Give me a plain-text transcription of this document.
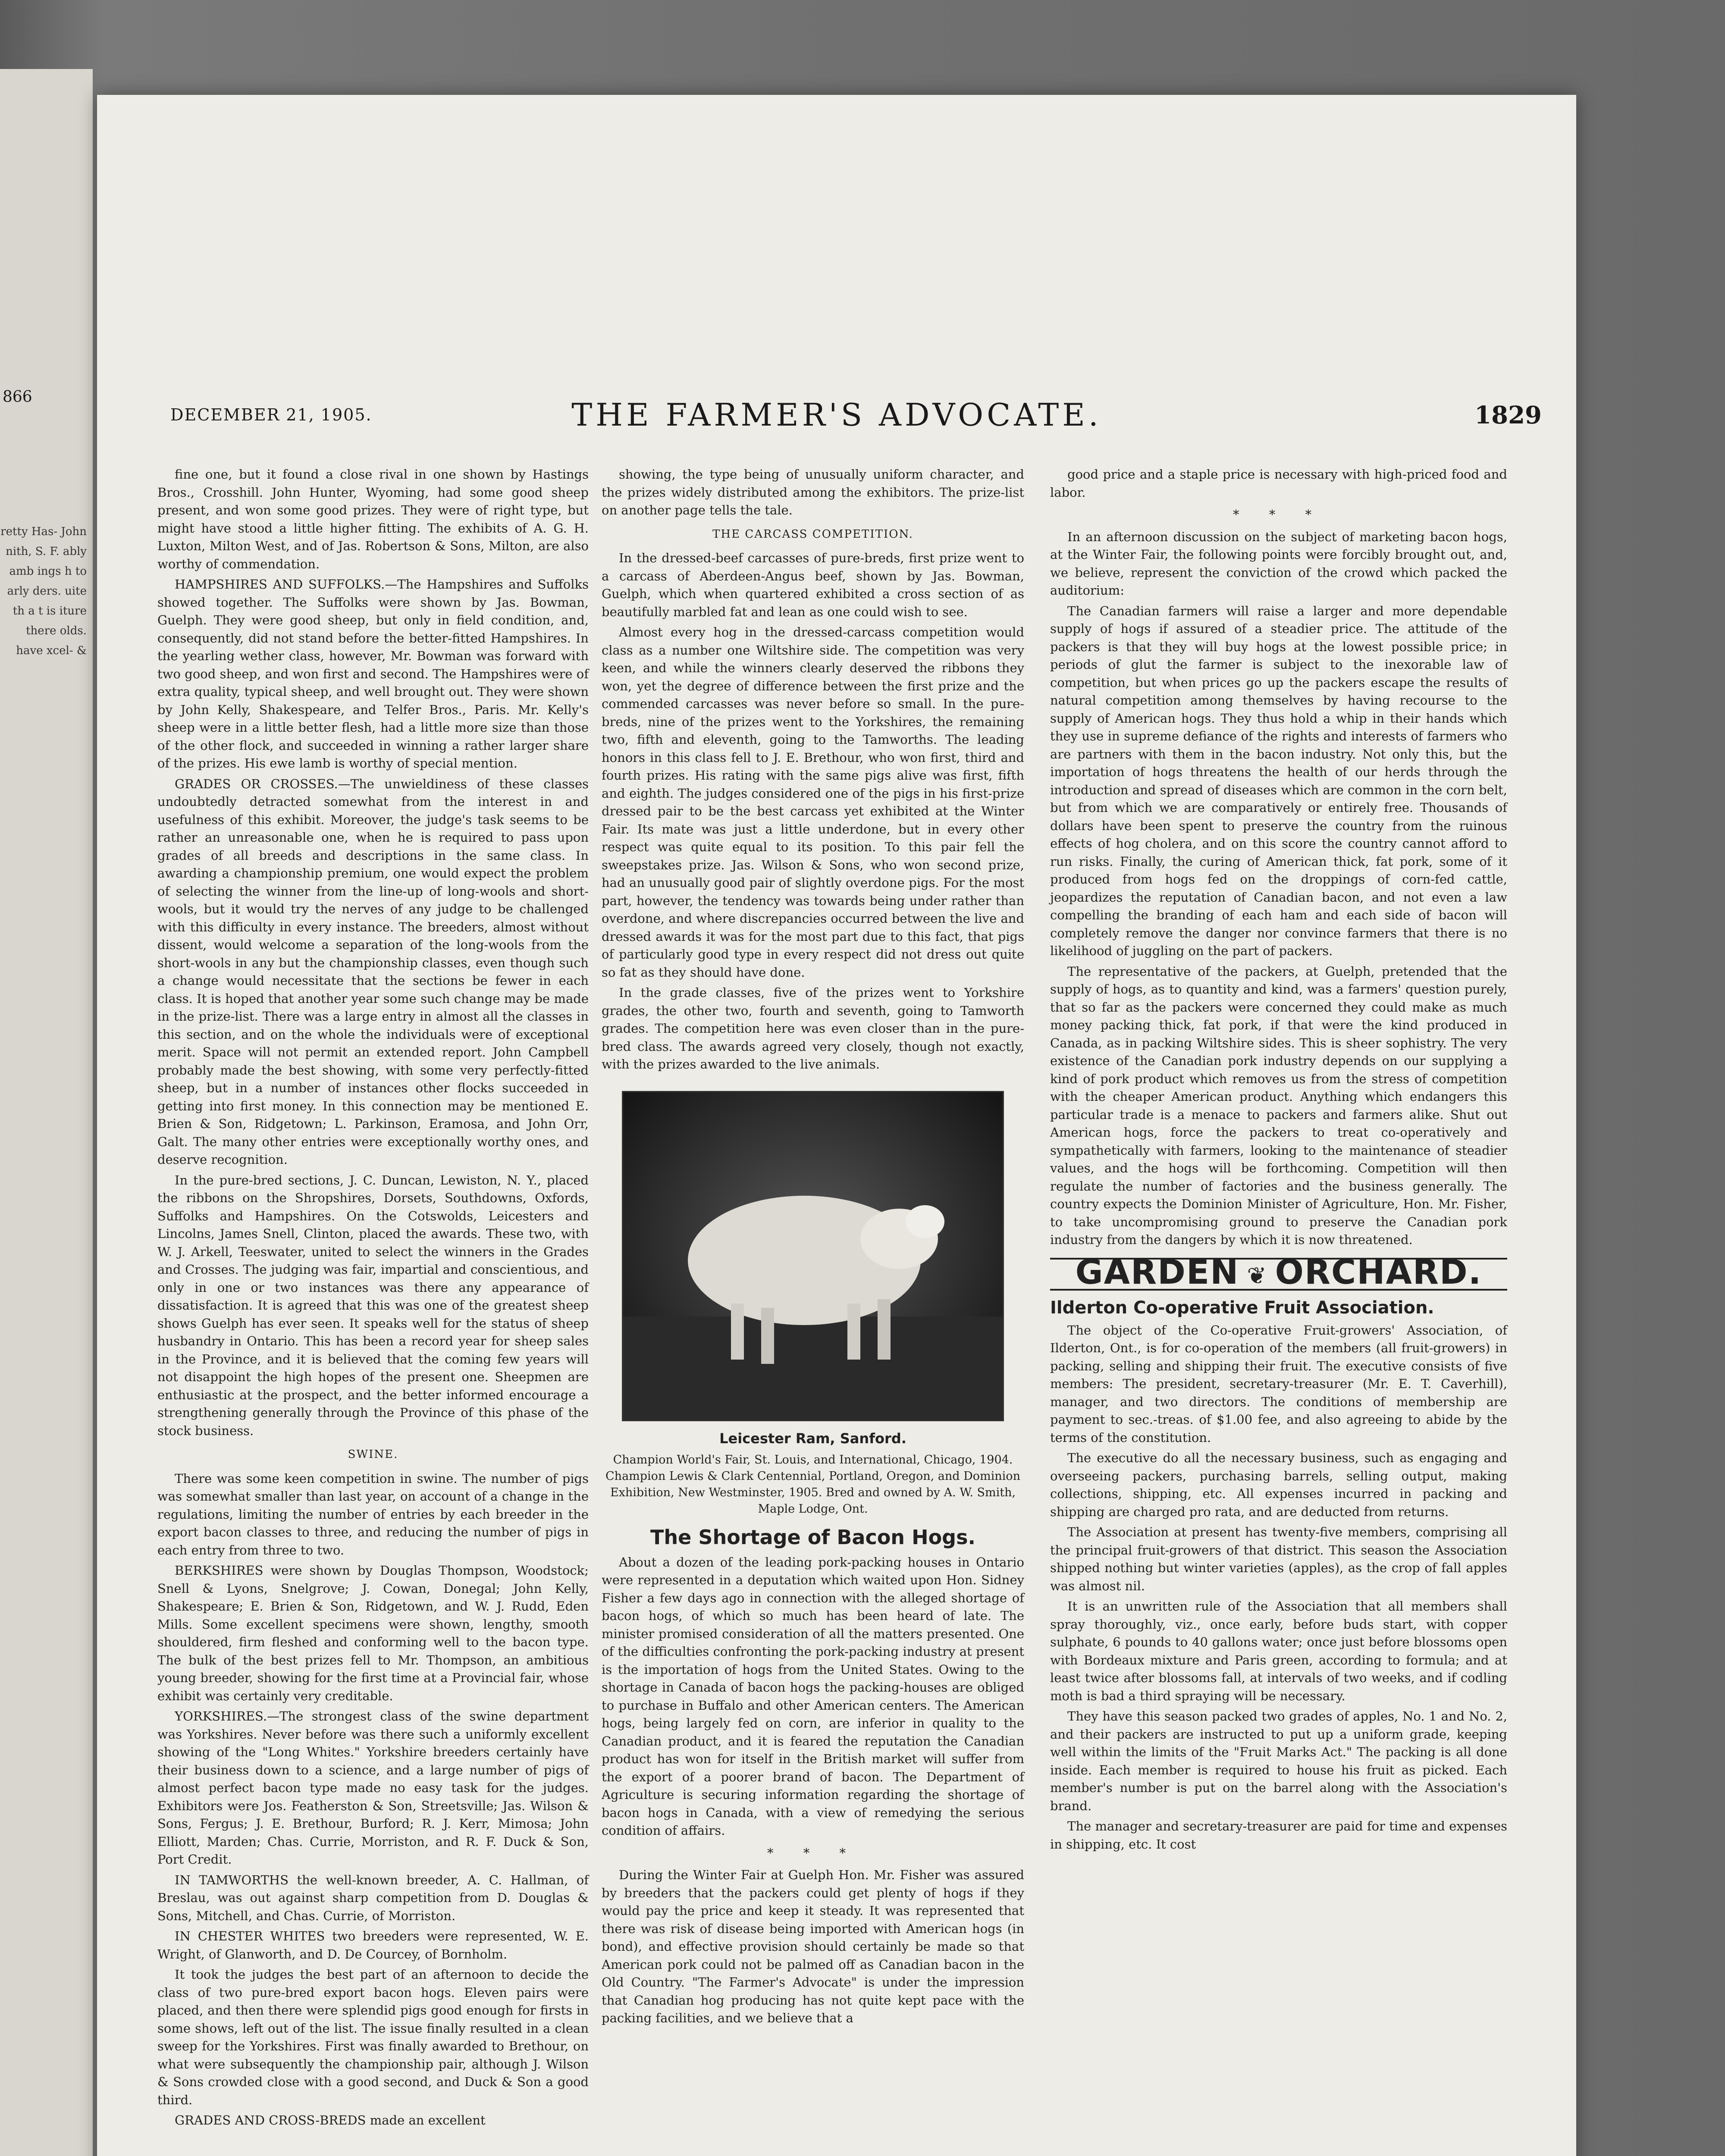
866
retty Has- John nith, S. F. ably amb ings h to arly ders. uite th a t is iture there olds. have xcel- &
DECEMBER 21, 1905.	THE FARMER'S ADVOCATE.	1829

fine one, but it found a close rival in one shown by Hastings Bros., Crosshill. John Hunter, Wyoming, had some good sheep present, and won some good prizes. They were of right type, but might have stood a little higher fitting. The exhibits of A. G. H. Luxton, Milton West, and of Jas. Robertson & Sons, Milton, are also worthy of commendation.

HAMPSHIRES AND SUFFOLKS.—The Hampshires and Suffolks showed together. The Suffolks were shown by Jas. Bowman, Guelph. They were good sheep, but only in field condition, and, consequently, did not stand before the better-fitted Hampshires. In the yearling wether class, however, Mr. Bowman was forward with two good sheep, and won first and second. The Hampshires were of extra quality, typical sheep, and well brought out. They were shown by John Kelly, Shakespeare, and Telfer Bros., Paris. Mr. Kelly's sheep were in a little better flesh, had a little more size than those of the other flock, and succeeded in winning a rather larger share of the prizes. His ewe lamb is worthy of special mention.

GRADES OR CROSSES.—The unwieldiness of these classes undoubtedly detracted somewhat from the interest in and usefulness of this exhibit. Moreover, the judge's task seems to be rather an unreasonable one, when he is required to pass upon grades of all breeds and descriptions in the same class. In awarding a championship premium, one would expect the problem of selecting the winner from the line-up of long-wools and short-wools, but it would try the nerves of any judge to be challenged with this difficulty in every instance. The breeders, almost without dissent, would welcome a separation of the long-wools from the short-wools in any but the championship classes, even though such a change would necessitate that the sections be fewer in each class. It is hoped that another year some such change may be made in the prize-list. There was a large entry in almost all the classes in this section, and on the whole the individuals were of exceptional merit. Space will not permit an extended report. John Campbell probably made the best showing, with some very perfectly-fitted sheep, but in a number of instances other flocks succeeded in getting into first money. In this connection may be mentioned E. Brien & Son, Ridgetown; L. Parkinson, Eramosa, and John Orr, Galt. The many other entries were exceptionally worthy ones, and deserve recognition.

In the pure-bred sections, J. C. Duncan, Lewiston, N. Y., placed the ribbons on the Shropshires, Dorsets, Southdowns, Oxfords, Suffolks and Hampshires. On the Cotswolds, Leicesters and Lincolns, James Snell, Clinton, placed the awards. These two, with W. J. Arkell, Teeswater, united to select the winners in the Grades and Crosses. The judging was fair, impartial and conscientious, and only in one or two instances was there any appearance of dissatisfaction. It is agreed that this was one of the greatest sheep shows Guelph has ever seen. It speaks well for the status of sheep husbandry in Ontario. This has been a record year for sheep sales in the Province, and it is believed that the coming few years will not disappoint the high hopes of the present one. Sheepmen are enthusiastic at the prospect, and the better informed encourage a strengthening generally through the Province of this phase of the stock business.

SWINE.

There was some keen competition in swine. The number of pigs was somewhat smaller than last year, on account of a change in the regulations, limiting the number of entries by each breeder in the export bacon classes to three, and reducing the number of pigs in each entry from three to two.

BERKSHIRES were shown by Douglas Thompson, Woodstock; Snell & Lyons, Snelgrove; J. Cowan, Donegal; John Kelly, Shakespeare; E. Brien & Son, Ridgetown, and W. J. Rudd, Eden Mills. Some excellent specimens were shown, lengthy, smooth shouldered, firm fleshed and conforming well to the bacon type. The bulk of the best prizes fell to Mr. Thompson, an ambitious young breeder, showing for the first time at a Provincial fair, whose exhibit was certainly very creditable.

YORKSHIRES.—The strongest class of the swine department was Yorkshires. Never before was there such a uniformly excellent showing of the "Long Whites." Yorkshire breeders certainly have their business down to a science, and a large number of pigs of almost perfect bacon type made no easy task for the judges. Exhibitors were Jos. Featherston & Son, Streetsville; Jas. Wilson & Sons, Fergus; J. E. Brethour, Burford; R. J. Kerr, Mimosa; John Elliott, Marden; Chas. Currie, Morriston, and R. F. Duck & Son, Port Credit.

IN TAMWORTHS the well-known breeder, A. C. Hallman, of Breslau, was out against sharp competition from D. Douglas & Sons, Mitchell, and Chas. Currie, of Morriston.

IN CHESTER WHITES two breeders were represented, W. E. Wright, of Glanworth, and D. De Courcey, of Bornholm.

It took the judges the best part of an afternoon to decide the class of two pure-bred export bacon hogs. Eleven pairs were placed, and then there were splendid pigs good enough for firsts in some shows, left out of the list. The issue finally resulted in a clean sweep for the Yorkshires. First was finally awarded to Brethour, on what were subsequently the championship pair, although J. Wilson & Sons crowded close with a good second, and Duck & Son a good third.

GRADES AND CROSS-BREDS made an excellent

showing, the type being of unusually uniform character, and the prizes widely distributed among the exhibitors. The prize-list on another page tells the tale.

THE CARCASS COMPETITION.

In the dressed-beef carcasses of pure-breds, first prize went to a carcass of Aberdeen-Angus beef, shown by Jas. Bowman, Guelph, which when quartered exhibited a cross section of as beautifully marbled fat and lean as one could wish to see.

Almost every hog in the dressed-carcass competition would class as a number one Wiltshire side. The competition was very keen, and while the winners clearly deserved the ribbons they won, yet the degree of difference between the first prize and the commended carcasses was never before so small. In the pure-breds, nine of the prizes went to the Yorkshires, the remaining two, fifth and eleventh, going to the Tamworths. The leading honors in this class fell to J. E. Brethour, who won first, third and fourth prizes. His rating with the same pigs alive was first, fifth and eighth. The judges considered one of the pigs in his first-prize dressed pair to be the best carcass yet exhibited at the Winter Fair. Its mate was just a little underdone, but in every other respect was quite equal to its position. To this pair fell the sweepstakes prize. Jas. Wilson & Sons, who won second prize, had an unusually good pair of slightly overdone pigs. For the most part, however, the tendency was towards being under rather than overdone, and where discrepancies occurred between the live and dressed awards it was for the most part due to this fact, that pigs of particularly good type in every respect did not dress out quite so fat as they should have done.

In the grade classes, five of the prizes went to Yorkshire grades, the other two, fourth and seventh, going to Tamworth grades. The competition here was even closer than in the pure-bred class. The awards agreed very closely, though not exactly, with the prizes awarded to the live animals.

Leicester Ram, Sanford.
Champion World's Fair, St. Louis, and International, Chicago, 1904. Champion Lewis & Clark Centennial, Portland, Oregon, and Dominion Exhibition, New Westminster, 1905. Bred and owned by A. W. Smith, Maple Lodge, Ont.
The Shortage of Bacon Hogs.

About a dozen of the leading pork-packing houses in Ontario were represented in a deputation which waited upon Hon. Sidney Fisher a few days ago in connection with the alleged shortage of bacon hogs, of which so much has been heard of late. The minister promised consideration of all the matters presented. One of the difficulties confronting the pork-packing industry at present is the importation of hogs from the United States. Owing to the shortage in Canada of bacon hogs the packing-houses are obliged to purchase in Buffalo and other American centers. The American hogs, being largely fed on corn, are inferior in quality to the Canadian product, and it is feared the reputation the Canadian product has won for itself in the British market will suffer from the export of a poorer brand of bacon. The Department of Agriculture is securing information regarding the shortage of bacon hogs in Canada, with a view of remedying the serious condition of affairs.

* * *

During the Winter Fair at Guelph Hon. Mr. Fisher was assured by breeders that the packers could get plenty of hogs if they would pay the price and keep it steady. It was represented that there was risk of disease being imported with American hogs (in bond), and effective provision should certainly be made so that American pork could not be palmed off as Canadian bacon in the Old Country. "The Farmer's Advocate" is under the impression that Canadian hog producing has not quite kept pace with the packing facilities, and we believe that a

good price and a staple price is necessary with high-priced food and labor.

* * *

In an afternoon discussion on the subject of marketing bacon hogs, at the Winter Fair, the following points were forcibly brought out, and, we believe, represent the conviction of the crowd which packed the auditorium:

The Canadian farmers will raise a larger and more dependable supply of hogs if assured of a steadier price. The attitude of the packers is that they will buy hogs at the lowest possible price; in periods of glut the farmer is subject to the inexorable law of competition, but when prices go up the packers escape the results of natural competition among themselves by having recourse to the supply of American hogs. They thus hold a whip in their hands which they use in supreme defiance of the rights and interests of farmers who are partners with them in the bacon industry. Not only this, but the importation of hogs threatens the health of our herds through the introduction and spread of diseases which are common in the corn belt, but from which we are comparatively or entirely free. Thousands of dollars have been spent to preserve the country from the ruinous effects of hog cholera, and on this score the country cannot afford to run risks. Finally, the curing of American thick, fat pork, some of it produced from hogs fed on the droppings of corn-fed cattle, jeopardizes the reputation of Canadian bacon, and not even a law compelling the branding of each ham and each side of bacon will completely remove the danger nor convince farmers that there is no likelihood of juggling on the part of packers.

The representative of the packers, at Guelph, pretended that the supply of hogs, as to quantity and kind, was a farmers' question purely, that so far as the packers were concerned they could make as much money packing thick, fat pork, if that were the kind produced in Canada, as in packing Wiltshire sides. This is sheer sophistry. The very existence of the Canadian pork industry depends on our supplying a kind of pork product which removes us from the stress of competition with the cheaper American product. Anything which endangers this particular trade is a menace to packers and farmers alike. Shut out American hogs, force the packers to treat co-operatively and sympathetically with farmers, looking to the maintenance of steadier values, and the hogs will be forthcoming. Competition will then regulate the number of factories and the business generally. The country expects the Dominion Minister of Agriculture, Hon. Mr. Fisher, to take uncompromising ground to preserve the Canadian pork industry from the dangers by which it is now threatened.

GARDEN ❦ ORCHARD.
Ilderton Co-operative Fruit Association.

The object of the Co-operative Fruit-growers' Association, of Ilderton, Ont., is for co-operation of the members (all fruit-growers) in packing, selling and shipping their fruit. The executive consists of five members: The president, secretary-treasurer (Mr. E. T. Caverhill), manager, and two directors. The conditions of membership are payment to sec.-treas. of $1.00 fee, and also agreeing to abide by the terms of the constitution.

The executive do all the necessary business, such as engaging and overseeing packers, purchasing barrels, selling output, making collections, shipping, etc. All expenses incurred in packing and shipping are charged pro rata, and are deducted from returns.

The Association at present has twenty-five members, comprising all the principal fruit-growers of that district. This season the Association shipped nothing but winter varieties (apples), as the crop of fall apples was almost nil.

It is an unwritten rule of the Association that all members shall spray thoroughly, viz., once early, before buds start, with copper sulphate, 6 pounds to 40 gallons water; once just before blossoms open with Bordeaux mixture and Paris green, according to formula; and at least twice after blossoms fall, at intervals of two weeks, and if codling moth is bad a third spraying will be necessary.

They have this season packed two grades of apples, No. 1 and No. 2, and their packers are instructed to put up a uniform grade, keeping well within the limits of the "Fruit Marks Act." The packing is all done inside. Each member is required to house his fruit as picked. Each member's number is put on the barrel along with the Association's brand.

The manager and secretary-treasurer are paid for time and expenses in shipping, etc. It cost
